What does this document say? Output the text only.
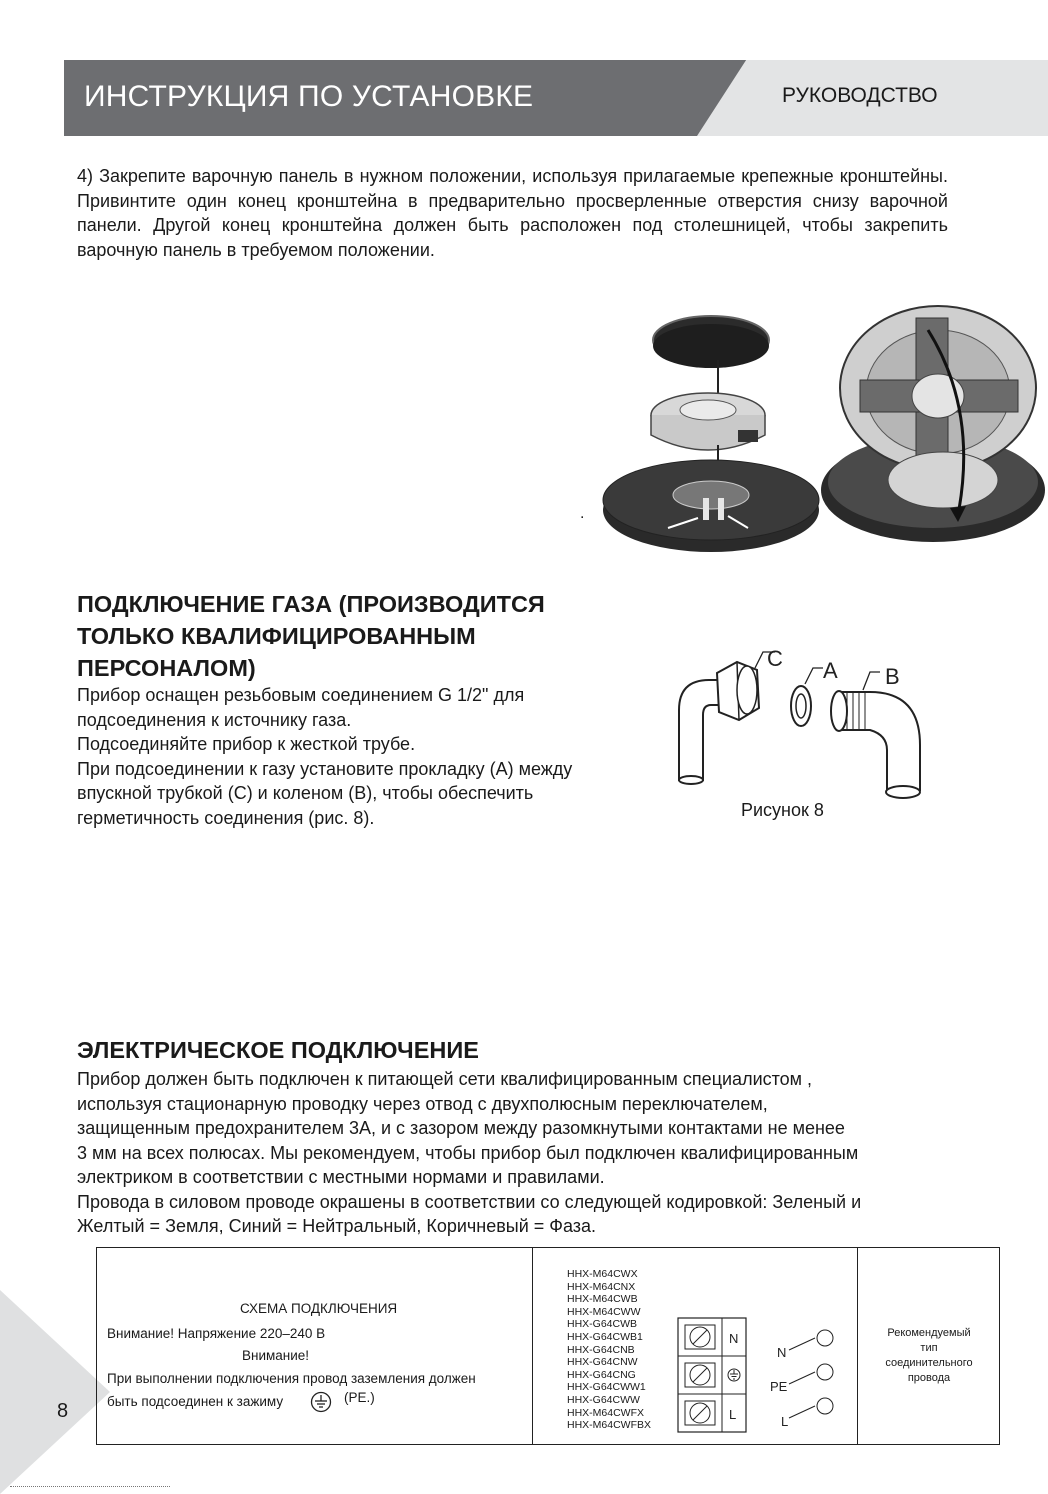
ИНСТРУКЦИЯ ПО УСТАНОВКЕ	РУКОВОДСТВО

4) Закрепите варочную панель в нужном положении, используя прилагаемые крепежные кронштейны. Привинтите один конец кронштейна в предварительно просверленные отверстия снизу варочной панели. Другой конец кронштейна должен быть расположен под столешницей, чтобы закрепить варочную панель в требуемом положении.

.
ПОДКЛЮЧЕНИЕ ГАЗА (ПРОИЗВОДИТСЯ
ТОЛЬКО КВАЛИФИЦИРОВАННЫМ
ПЕРСОНАЛОМ)
Прибор оснащен резьбовым соединением G 1/2" для
подсоединения к источнику газа.
Подсоединяйте прибор к жесткой трубе.
При подсоединении к газу установите прокладку (A) между
впускной трубкой (C) и коленом (B), чтобы обеспечить
герметичность соединения (рис. 8).
C A B
Рисунок 8
ЭЛЕКТРИЧЕСКОЕ ПОДКЛЮЧЕНИЕ
Прибор должен быть подключен к питающей сети квалифицированным специалистом ,
используя стационарную проводку через отвод с двухполюсным переключателем,
защищенным предохранителем 3А, и с зазором между разомкнутыми контактами не менее
3 мм на всех полюсах. Мы рекомендуем, чтобы прибор был подключен квалифицированным
электриком в соответствии с местными нормами и правилами.
Провода в силовом проводе окрашены в соответствии со следующей кодировкой: Зеленый и
Желтый = Земля, Синий = Нейтральный, Коричневый = Фаза.
8
СХЕМА ПОДКЛЮЧЕНИЯ
Внимание! Напряжение 220–240 В
Внимание!
При выполнении подключения провод заземления должен
быть подсоединен к зажиму	(PE.)
HHX-M64CWX
HHX-M64CNX
HHX-M64CWB
HHX-M64CWW
HHX-G64CWB
HHX-G64CWB1
HHX-G64CNB
HHX-G64CNW
HHX-G64CNG
HHX-G64CWW1
HHX-G64CWW
HHX-M64CWFX
HHX-M64CWFBX
N
L
N
PE
L
Рекомендуемый
тип
соединительного
провода
